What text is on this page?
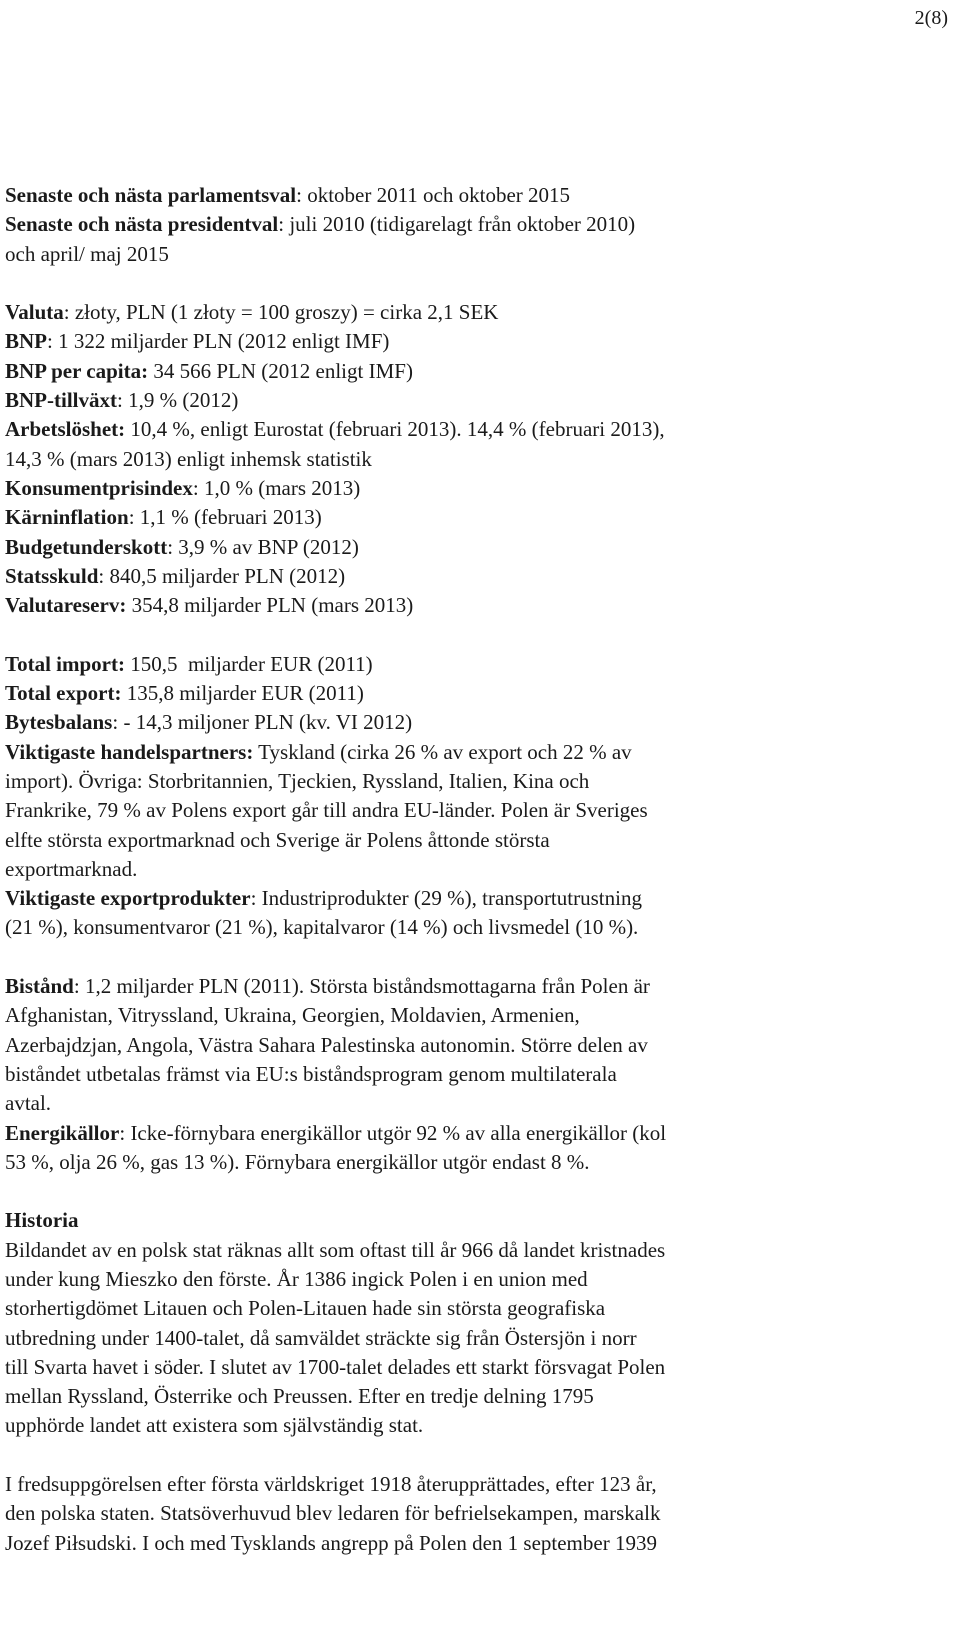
2(8)
Senaste och nästa parlamentsval: oktober 2011 och oktober 2015
Senaste och nästa presidentval: juli 2010 (tidigarelagt från oktober 2010)
och april/ maj 2015
Valuta: złoty, PLN (1 złoty = 100 groszy) = cirka 2,1 SEK
BNP: 1 322 miljarder PLN (2012 enligt IMF)
BNP per capita: 34 566 PLN (2012 enligt IMF)
BNP-tillväxt: 1,9 % (2012)
Arbetslöshet: 10,4 %, enligt Eurostat (februari 2013). 14,4 % (februari 2013),
14,3 % (mars 2013) enligt inhemsk statistik
Konsumentprisindex: 1,0 % (mars 2013)
Kärninflation: 1,1 % (februari 2013)
Budgetunderskott: 3,9 % av BNP (2012)
Statsskuld: 840,5 miljarder PLN (2012)
Valutareserv: 354,8 miljarder PLN (mars 2013)
Total import: 150,5  miljarder EUR (2011)
Total export: 135,8 miljarder EUR (2011)
Bytesbalans: - 14,3 miljoner PLN (kv. VI 2012)
Viktigaste handelspartners: Tyskland (cirka 26 % av export och 22 % av
import). Övriga: Storbritannien, Tjeckien, Ryssland, Italien, Kina och
Frankrike, 79 % av Polens export går till andra EU-länder. Polen är Sveriges
elfte största exportmarknad och Sverige är Polens åttonde största
exportmarknad.
Viktigaste exportprodukter: Industriprodukter (29 %), transportutrustning
(21 %), konsumentvaror (21 %), kapitalvaror (14 %) och livsmedel (10 %).
Bistånd: 1,2 miljarder PLN (2011). Största biståndsmottagarna från Polen är
Afghanistan, Vitryssland, Ukraina, Georgien, Moldavien, Armenien,
Azerbajdzjan, Angola, Västra Sahara Palestinska autonomin. Större delen av
biståndet utbetalas främst via EU:s biståndsprogram genom multilaterala
avtal.
Energikällor: Icke-förnybara energikällor utgör 92 % av alla energikällor (kol
53 %, olja 26 %, gas 13 %). Förnybara energikällor utgör endast 8 %.
Historia
Bildandet av en polsk stat räknas allt som oftast till år 966 då landet kristnades
under kung Mieszko den förste. År 1386 ingick Polen i en union med
storhertigdömet Litauen och Polen-Litauen hade sin största geografiska
utbredning under 1400-talet, då samväldet sträckte sig från Östersjön i norr
till Svarta havet i söder. I slutet av 1700-talet delades ett starkt försvagat Polen
mellan Ryssland, Österrike och Preussen. Efter en tredje delning 1795
upphörde landet att existera som självständig stat.
I fredsuppgörelsen efter första världskriget 1918 återupprättades, efter 123 år,
den polska staten. Statsöverhuvud blev ledaren för befrielsekampen, marskalk
Jozef Piłsudski. I och med Tysklands angrepp på Polen den 1 september 1939
